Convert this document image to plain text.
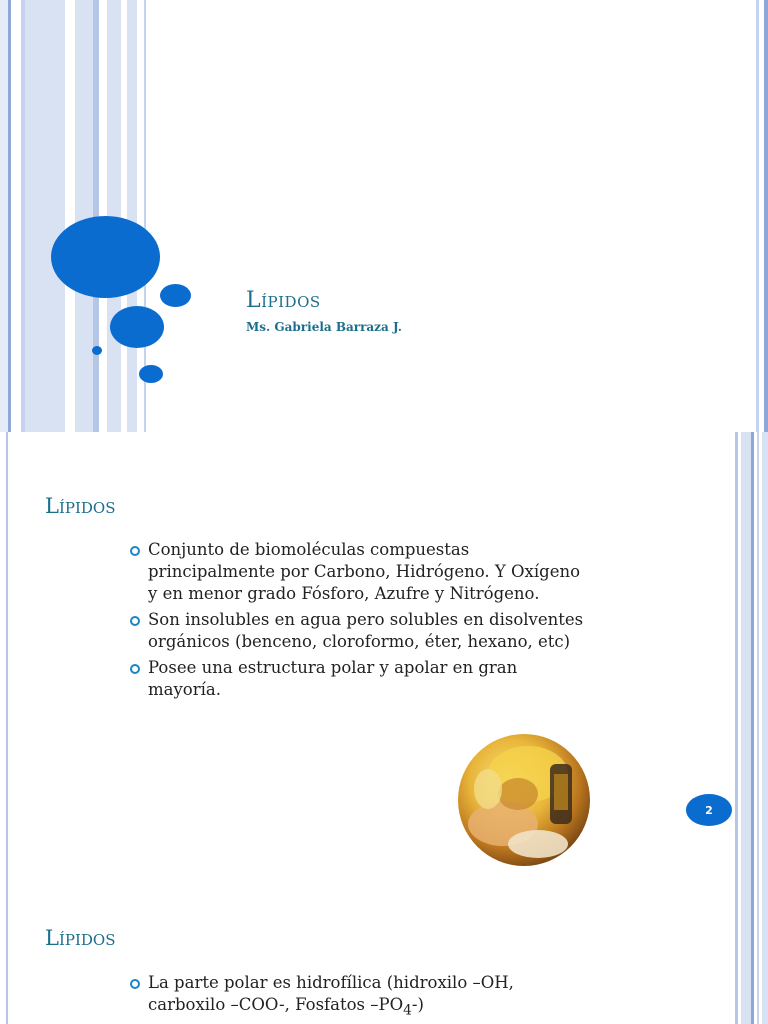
Lípidos
Ms. Gabriela Barraza J.
Lípidos
Conjunto de biomoléculas compuestas principalmente por Carbono, Hidrógeno. Y Oxígeno y en menor grado Fósforo, Azufre y Nitrógeno.
Son insolubles en agua pero solubles en disolventes orgánicos (benceno, cloroformo, éter, hexano, etc)
Posee una estructura polar y apolar en gran mayoría.
2
Lípidos
La parte polar es hidrofílica (hidroxilo –OH, carboxilo –COO-, Fosfatos $-PO_4-$)
